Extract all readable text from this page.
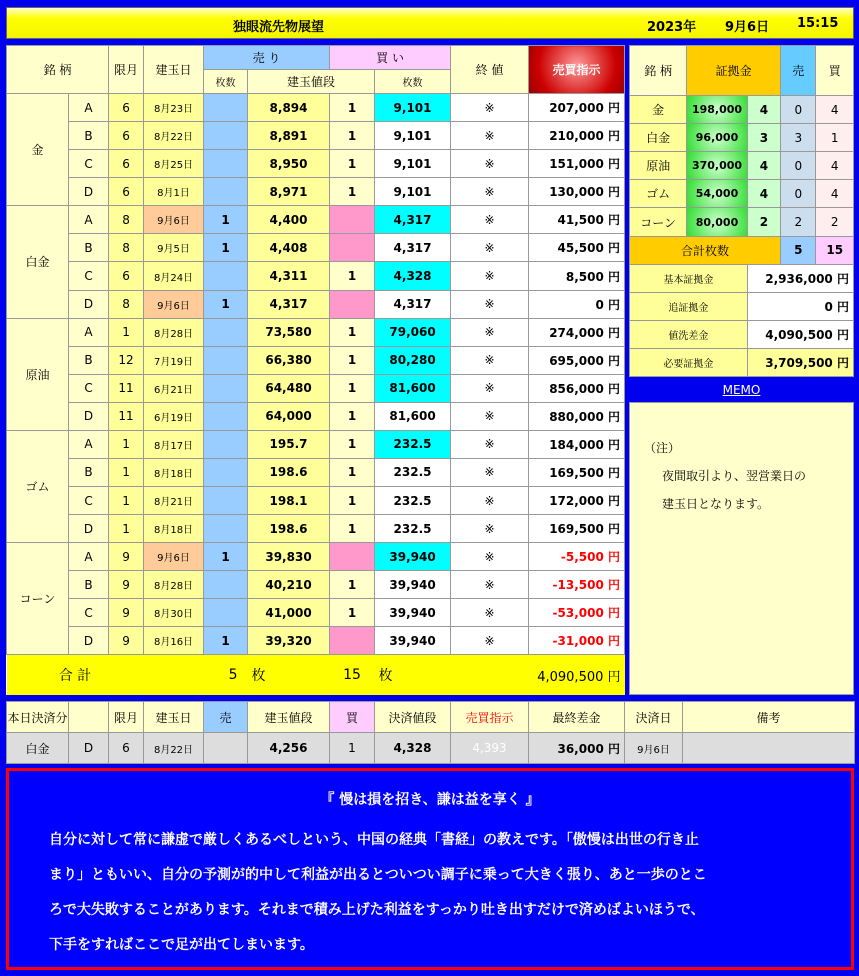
独眼流先物展望	2023年 9月6日 15:15
銘 柄		限月	建玉日	売 り		買 い		終 値	売買指示	
				枚数	建玉値段		枚数			
金	A	6	8月23日		8,894	1	9,101	※	207,000 円	
	B	6	8月22日		8,891	1	9,101	※	210,000 円	
	C	6	8月25日		8,950	1	9,101	※	151,000 円	
	D	6	8月1日		8,971	1	9,101	※	130,000 円	
白金	A	8	9月6日	1	4,400		4,317	※	41,500 円	
	B	8	9月5日	1	4,408		4,317	※	45,500 円	
	C	6	8月24日		4,311	1	4,328	※	8,500 円	
	D	8	9月6日	1	4,317		4,317	※	0 円	
原油	A	1	8月28日		73,580	1	79,060	※	274,000 円	
	B	12	7月19日		66,380	1	80,280	※	695,000 円	
	C	11	6月21日		64,480	1	81,600	※	856,000 円	
	D	11	6月19日		64,000	1	81,600	※	880,000 円	
ゴム	A	1	8月17日		195.7	1	232.5	※	184,000 円	
	B	1	8月18日		198.6	1	232.5	※	169,500 円	
	C	1	8月21日		198.1	1	232.5	※	172,000 円	
	D	1	8月18日		198.6	1	232.5	※	169,500 円	
コーン	A	9	9月6日	1	39,830		39,940	※	-5,500 円	
	B	9	8月28日		40,210	1	39,940	※	-13,500 円	
	C	9	8月30日		41,000	1	39,940	※	-53,000 円	
	D	9	8月16日	1	39,320		39,940	※	-31,000 円	
合 計			5		枚	15	枚	4,090,500 円		
銘 柄	証拠金		売	買
金	198,000	4	0	4
白金	96,000	3	3	1
原油	370,000	4	0	4
ゴム	54,000	4	0	4
コーン	80,000	2	2	2
合計枚数			5	15
基本証拠金		2,936,000 円		
追証拠金		0 円		
値洗差金		4,090,500 円		
必要証拠金		3,709,500 円		
MEMO
（注）
夜間取引より、翌営業日の
建玉日となります。
本日決済分		限月	建玉日	売	建玉値段	買	決済値段	売買指示	最終差金	決済日	備考
白金	D	6	8月22日		4,256	1	4,328	4,393	36,000 円	9月6日	
『 慢は損を招き、謙は益を享く 』
自分に対して常に謙虚で厳しくあるべしという、中国の経典「書経」の教えです。「傲慢は出世の行き止
まり」ともいい、自分の予測が的中して利益が出るとついつい調子に乗って大きく張り、あと一歩のとこ
ろで大失敗することがあります。それまで積み上げた利益をすっかり吐き出すだけで済めばよいほうで、
下手をすればここで足が出てしまいます。
